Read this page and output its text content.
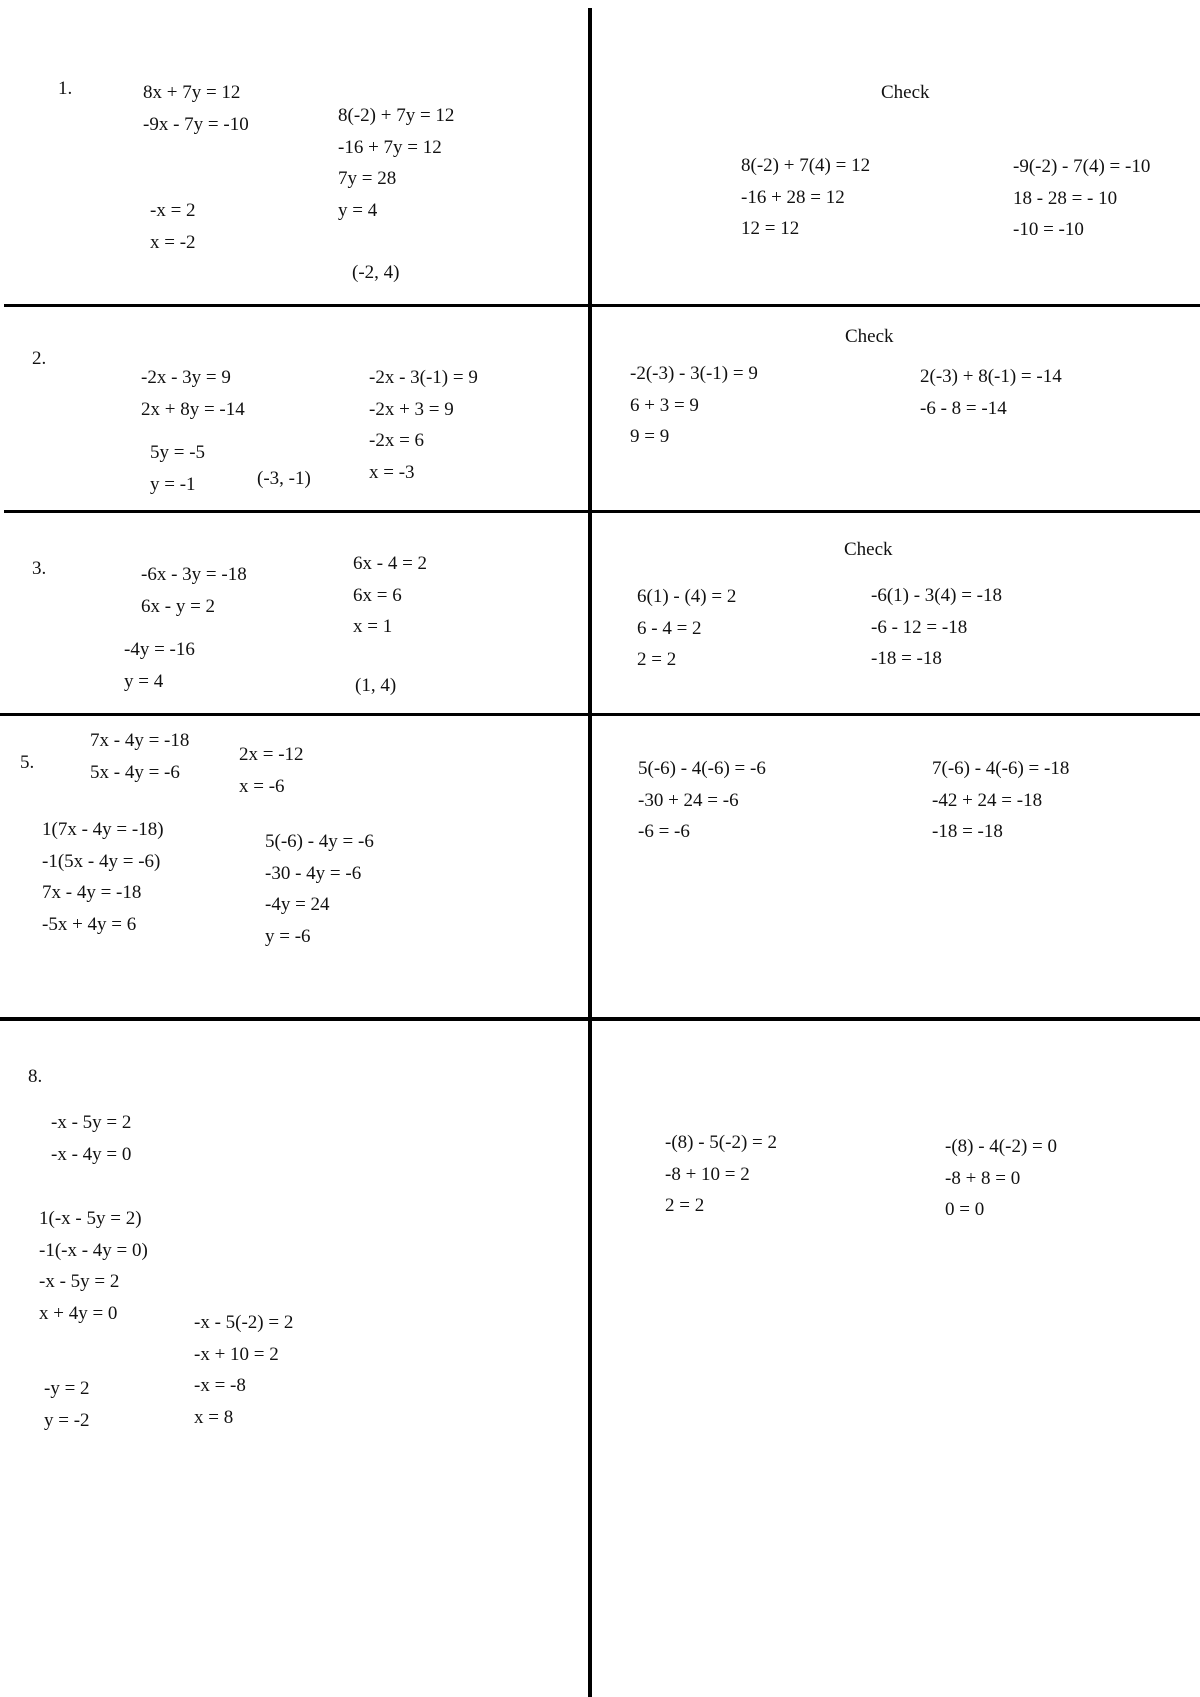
1.	8x + 7y = 12
-9x - 7y = -10
-x = 2
x = -2
8(-2) + 7y = 12
-16 + 7y = 12
7y = 28
y = 4
(-2, 4)
Check
8(-2) + 7(4) = 12
-16 + 28 = 12
12 = 12
-9(-2) - 7(4) = -10
18 - 28 = - 10
-10 = -10
2.
-2x - 3y = 9
2x + 8y = -14
5y = -5
y = -1	(-3, -1)
-2x - 3(-1) = 9
-2x + 3 = 9
-2x = 6
x = -3
Check
-2(-3) - 3(-1) = 9
6 + 3 = 9
9 = 9
2(-3) + 8(-1) = -14
-6 - 8 = -14
3.	-6x - 3y = -18
6x - y = 2
-4y = -16
y = 4
6x - 4 = 2
6x = 6
x = 1
(1, 4)
Check
6(1) - (4) = 2
6 - 4 = 2
2 = 2
-6(1) - 3(4) = -18
-6 - 12 = -18
-18 = -18
5.
7x - 4y = -18
5x - 4y = -6
2x = -12
x = -6
1(7x - 4y = -18)
-1(5x - 4y = -6)
7x - 4y = -18
-5x + 4y = 6
5(-6) - 4y = -6
-30 - 4y = -6
-4y = 24
y = -6
5(-6) - 4(-6) = -6
-30 + 24 = -6
-6 = -6
7(-6) - 4(-6) = -18
-42 + 24 = -18
-18 = -18
8.
-x - 5y = 2
-x - 4y = 0
1(-x - 5y = 2)
-1(-x - 4y = 0)
-x - 5y = 2
x + 4y = 0	-x - 5(-2) = 2
-x + 10 = 2
-x = -8
x = 8
-y = 2
y = -2
-(8) - 5(-2) = 2
-8 + 10 = 2
2 = 2
-(8) - 4(-2) = 0
-8 + 8 = 0
0 = 0
